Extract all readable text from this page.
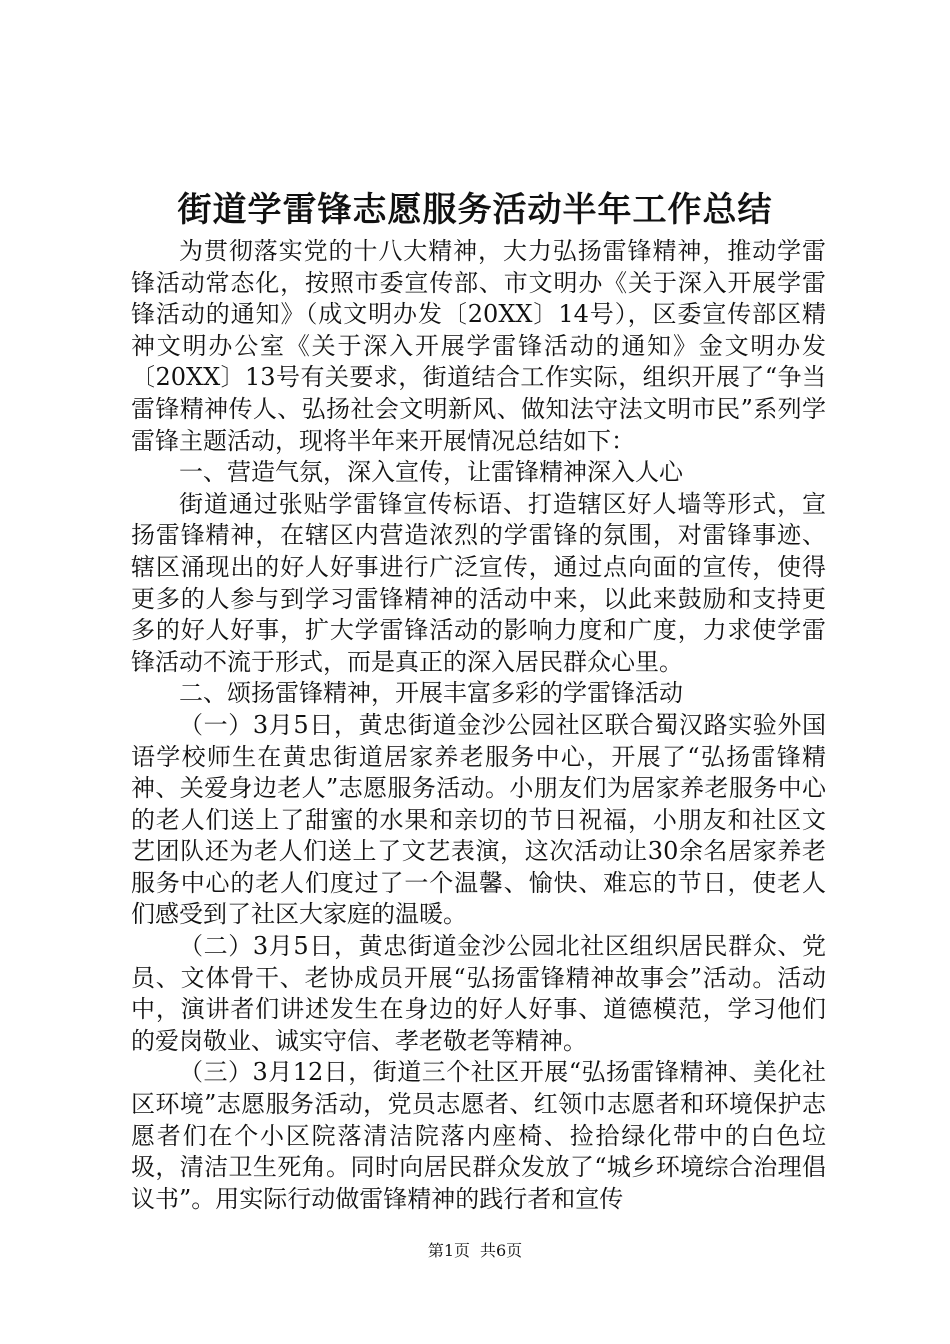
街道学雷锋志愿服务活动半年工作总结

为贯彻落实党的十八大精神，大力弘扬雷锋精神，推动学雷锋活动常态化，按照市委宣传部、市文明办《关于深入开展学雷锋活动的通知》（成文明办发〔20XX〕14号），区委宣传部区精神文明办公室《关于深入开展学雷锋活动的通知》金文明办发〔20XX〕13号有关要求，街道结合工作实际，组织开展了“争当雷锋精神传人、弘扬社会文明新风、做知法守法文明市民”系列学雷锋主题活动，现将半年来开展情况总结如下：

一、营造气氛，深入宣传，让雷锋精神深入人心

街道通过张贴学雷锋宣传标语、打造辖区好人墙等形式，宣扬雷锋精神，在辖区内营造浓烈的学雷锋的氛围，对雷锋事迹、辖区涌现出的好人好事进行广泛宣传，通过点向面的宣传，使得更多的人参与到学习雷锋精神的活动中来，以此来鼓励和支持更多的好人好事，扩大学雷锋活动的影响力度和广度，力求使学雷锋活动不流于形式，而是真正的深入居民群众心里。

二、颂扬雷锋精神，开展丰富多彩的学雷锋活动

（一）3月5日，黄忠街道金沙公园社区联合蜀汉路实验外国语学校师生在黄忠街道居家养老服务中心，开展了“弘扬雷锋精神、关爱身边老人”志愿服务活动。小朋友们为居家养老服务中心的老人们送上了甜蜜的水果和亲切的节日祝福，小朋友和社区文艺团队还为老人们送上了文艺表演，这次活动让30余名居家养老服务中心的老人们度过了一个温馨、愉快、难忘的节日，使老人们感受到了社区大家庭的温暖。

（二）3月5日，黄忠街道金沙公园北社区组织居民群众、党员、文体骨干、老协成员开展“弘扬雷锋精神故事会”活动。活动中，演讲者们讲述发生在身边的好人好事、道德模范，学习他们的爱岗敬业、诚实守信、孝老敬老等精神。

（三）3月12日，街道三个社区开展“弘扬雷锋精神、美化社区环境”志愿服务活动，党员志愿者、红领巾志愿者和环境保护志愿者们在个小区院落清洁院落内座椅、捡拾绿化带中的白色垃圾，清洁卫生死角。同时向居民群众发放了“城乡环境综合治理倡议书”。用实际行动做雷锋精神的践行者和宣传

第1页 共6页
